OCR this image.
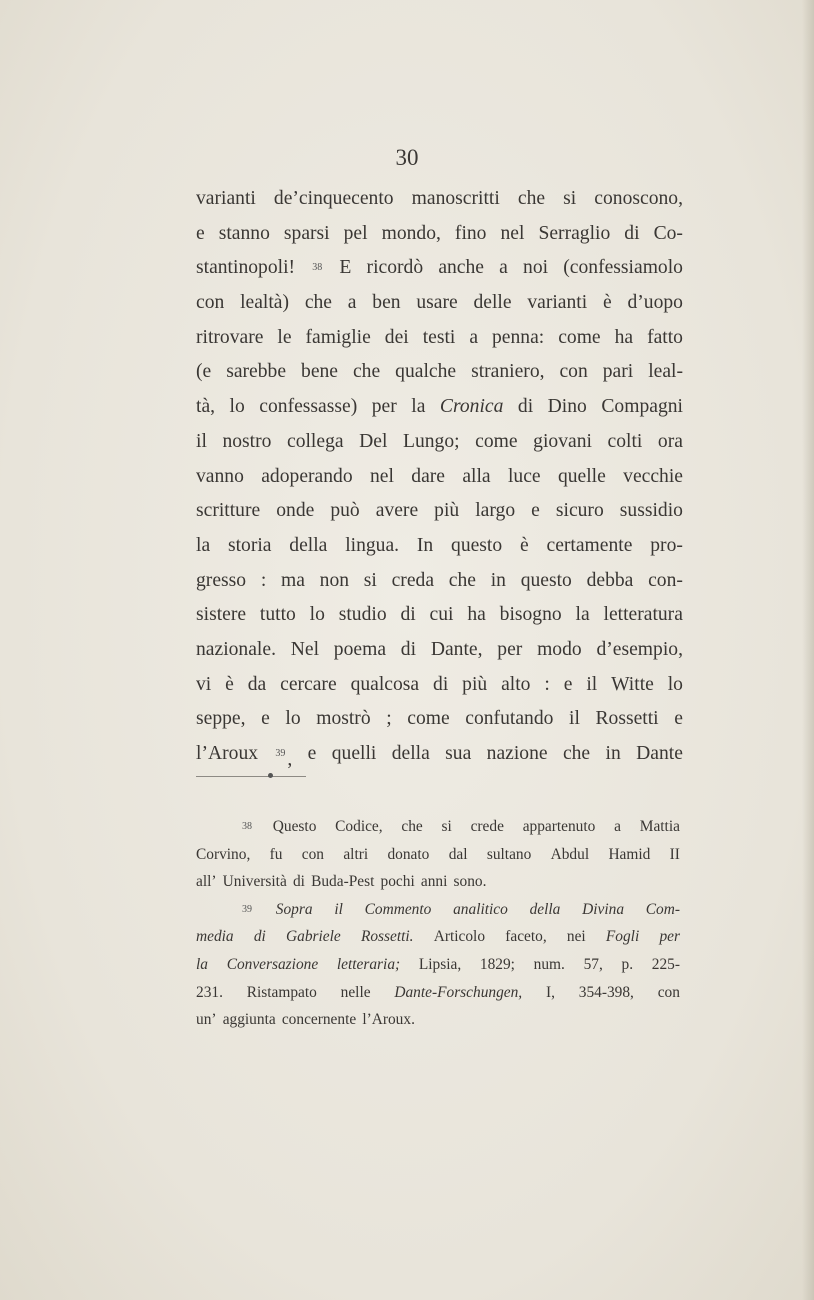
30
varianti de’cinquecento manoscritti che si conoscono,
e stanno sparsi pel mondo, fino nel Serraglio di Co-
stantinopoli! $^{38}$ E ricordò anche a noi (confessiamolo
con lealtà) che a ben usare delle varianti è d’uopo
ritrovare le famiglie dei testi a penna: come ha fatto
(e sarebbe bene che qualche straniero, con pari leal-
tà, lo confessasse) per la Cronica di Dino Compagni
il nostro collega Del Lungo; come giovani colti ora
vanno adoperando nel dare alla luce quelle vecchie
scritture onde può avere più largo e sicuro sussidio
la storia della lingua. In questo è certamente pro-
gresso : ma non si creda che in questo debba con-
sistere tutto lo studio di cui ha bisogno la letteratura
nazionale. Nel poema di Dante, per modo d’esempio,
vi è da cercare qualcosa di più alto : e il Witte lo
seppe, e lo mostrò ; come confutando il Rossetti e
l’Aroux $^{39}$ , e quelli della sua nazione che in Dante
$^{38}$ Questo Codice, che si crede appartenuto a Mattia
Corvino, fu con altri donato dal sultano Abdul Hamid II
all’ Università di Buda-Pest pochi anni sono.
$^{39}$ Sopra il Commento analitico della Divina Com-
media di Gabriele Rossetti. Articolo faceto, nei Fogli per
la Conversazione letteraria; Lipsia, 1829; num. 57, p. 225-
231. Ristampato nelle Dante-Forschungen, I, 354-398, con
un’ aggiunta concernente l’Aroux.
